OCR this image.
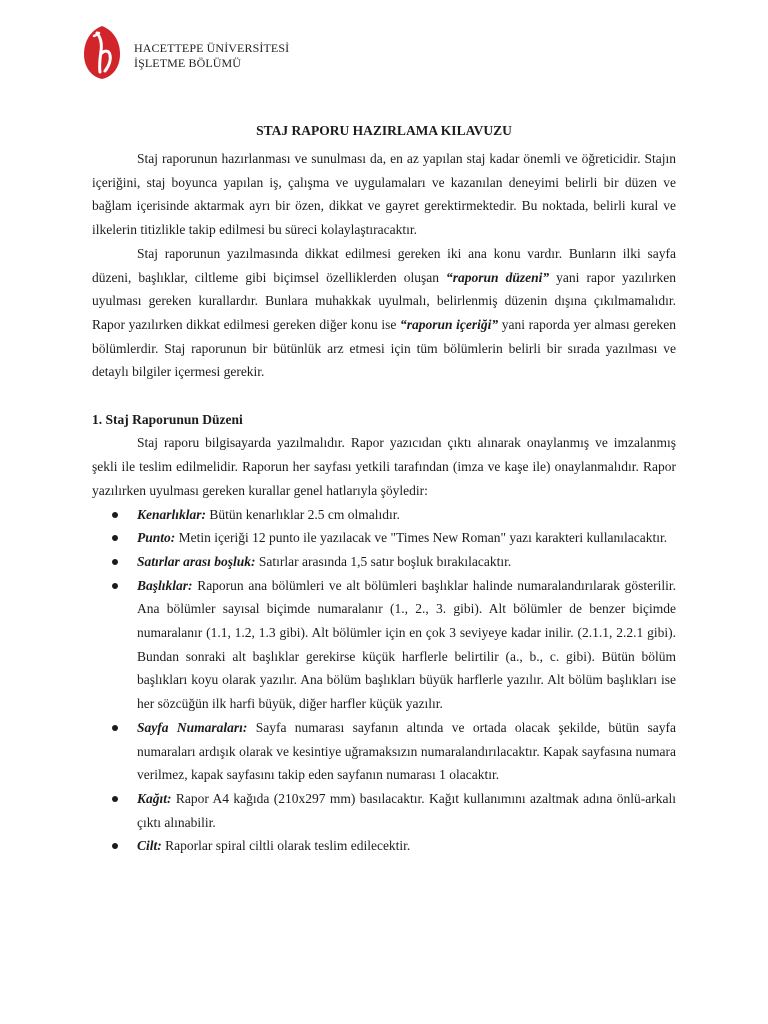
HACETTEPE ÜNİVERSİTESİ
İŞLETME BÖLÜMÜ
STAJ RAPORU HAZIRLAMA KILAVUZU

Staj raporunun hazırlanması ve sunulması da, en az yapılan staj kadar önemli ve öğreticidir. Stajın içeriğini, staj boyunca yapılan iş, çalışma ve uygulamaları ve kazanılan deneyimi belirli bir düzen ve bağlam içerisinde aktarmak ayrı bir özen, dikkat ve gayret gerektirmektedir. Bu noktada, belirli kural ve ilkelerin titizlikle takip edilmesi bu süreci kolaylaştıracaktır.

Staj raporunun yazılmasında dikkat edilmesi gereken iki ana konu vardır. Bunların ilki sayfa düzeni, başlıklar, ciltleme gibi biçimsel özelliklerden oluşan “raporun düzeni” yani rapor yazılırken uyulması gereken kurallardır. Bunlara muhakkak uyulmalı, belirlenmiş düzenin dışına çıkılmamalıdır. Rapor yazılırken dikkat edilmesi gereken diğer konu ise “raporun içeriği” yani raporda yer alması gereken bölümlerdir. Staj raporunun bir bütünlük arz etmesi için tüm bölümlerin belirli bir sırada yazılması ve detaylı bilgiler içermesi gerekir.

1. Staj Raporunun Düzeni

Staj raporu bilgisayarda yazılmalıdır. Rapor yazıcıdan çıktı alınarak onaylanmış ve imzalanmış şekli ile teslim edilmelidir. Raporun her sayfası yetkili tarafından (imza ve kaşe ile) onaylanmalıdır. Rapor yazılırken uyulması gereken kurallar genel hatlarıyla şöyledir:

Kenarlıklar: Bütün kenarlıklar 2.5 cm olmalıdır.
Punto: Metin içeriği 12 punto ile yazılacak ve "Times New Roman" yazı karakteri kullanılacaktır.
Satırlar arası boşluk: Satırlar arasında 1,5 satır boşluk bırakılacaktır.
Başlıklar: Raporun ana bölümleri ve alt bölümleri başlıklar halinde numaralandırılarak gösterilir. Ana bölümler sayısal biçimde numaralanır (1., 2., 3. gibi). Alt bölümler de benzer biçimde numaralanır (1.1, 1.2, 1.3 gibi). Alt bölümler için en çok 3 seviyeye kadar inilir. (2.1.1, 2.2.1 gibi). Bundan sonraki alt başlıklar gerekirse küçük harflerle belirtilir (a., b., c. gibi). Bütün bölüm başlıkları koyu olarak yazılır. Ana bölüm başlıkları büyük harflerle yazılır. Alt bölüm başlıkları ise her sözcüğün ilk harfi büyük, diğer harfler küçük yazılır.
Sayfa Numaraları: Sayfa numarası sayfanın altında ve ortada olacak şekilde, bütün sayfa numaraları ardışık olarak ve kesintiye uğramaksızın numaralandırılacaktır. Kapak sayfasına numara verilmez, kapak sayfasını takip eden sayfanın numarası 1 olacaktır.
Kağıt: Rapor A4 kağıda (210x297 mm) basılacaktır. Kağıt kullanımını azaltmak adına önlü-arkalı çıktı alınabilir.
Cilt: Raporlar spiral ciltli olarak teslim edilecektir.
